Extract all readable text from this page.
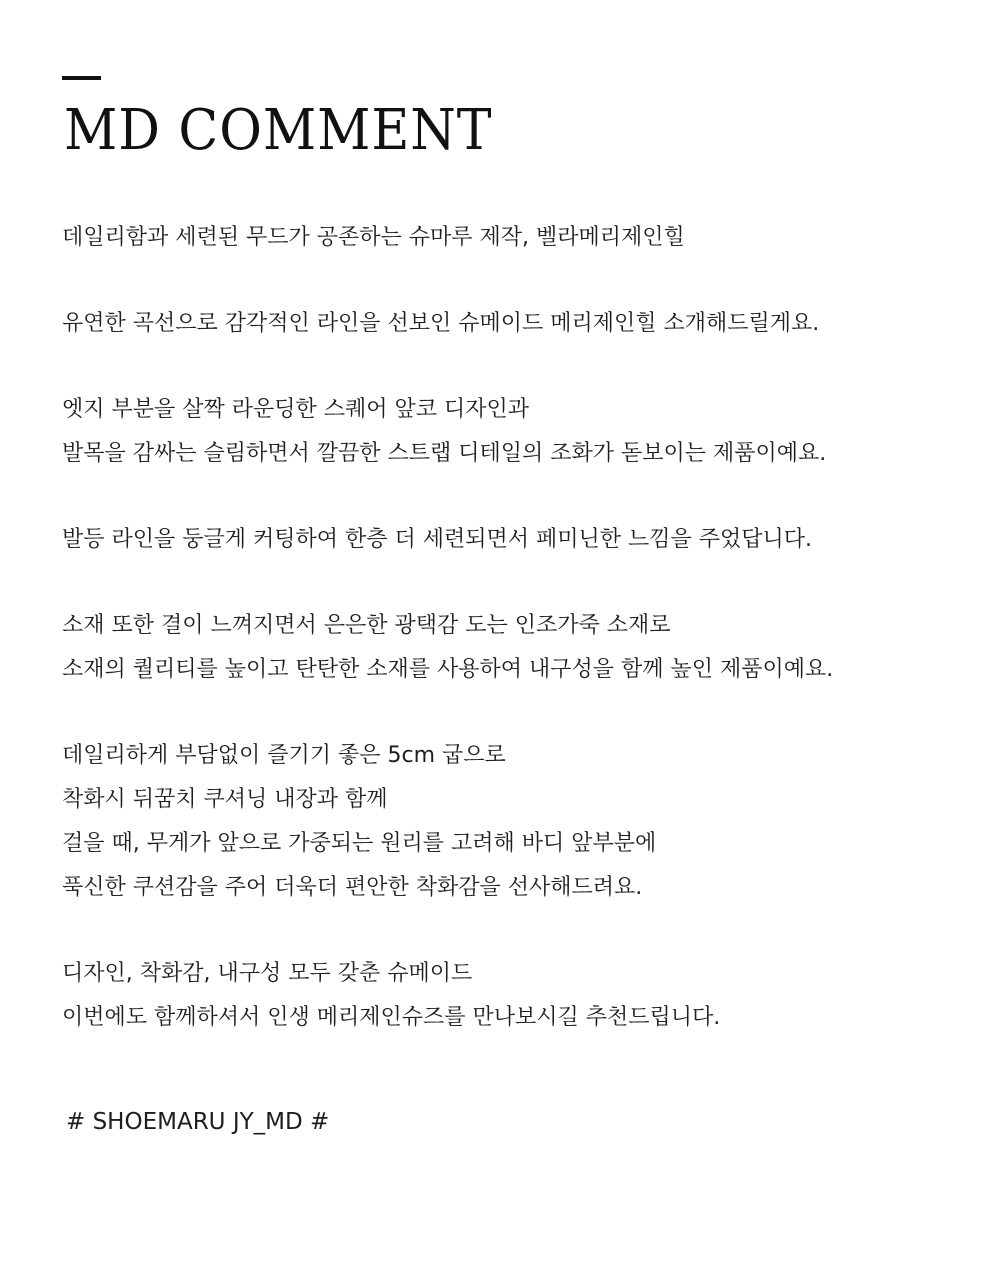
MD COMMENT

데일리함과 세련된 무드가 공존하는 슈마루 제작, 벨라메리제인힐

유연한 곡선으로 감각적인 라인을 선보인 슈메이드 메리제인힐 소개해드릴게요.

엣지 부분을 살짝 라운딩한 스퀘어 앞코 디자인과
발목을 감싸는 슬림하면서 깔끔한 스트랩 디테일의 조화가 돋보이는 제품이예요.

발등 라인을 둥글게 커팅하여 한층 더 세련되면서 페미닌한 느낌을 주었답니다.

소재 또한 결이 느껴지면서 은은한 광택감 도는 인조가죽 소재로
소재의 퀄리티를 높이고 탄탄한 소재를 사용하여 내구성을 함께 높인 제품이예요.

데일리하게 부담없이 즐기기 좋은 5cm 굽으로
착화시 뒤꿈치 쿠셔닝 내장과 함께
걸을 때, 무게가 앞으로 가중되는 원리를 고려해 바디 앞부분에
푹신한 쿠션감을 주어 더욱더 편안한 착화감을 선사해드려요.

디자인, 착화감, 내구성 모두 갖춘 슈메이드
이번에도 함께하셔서 인생 메리제인슈즈를 만나보시길 추천드립니다.

# SHOEMARU JY_MD #
